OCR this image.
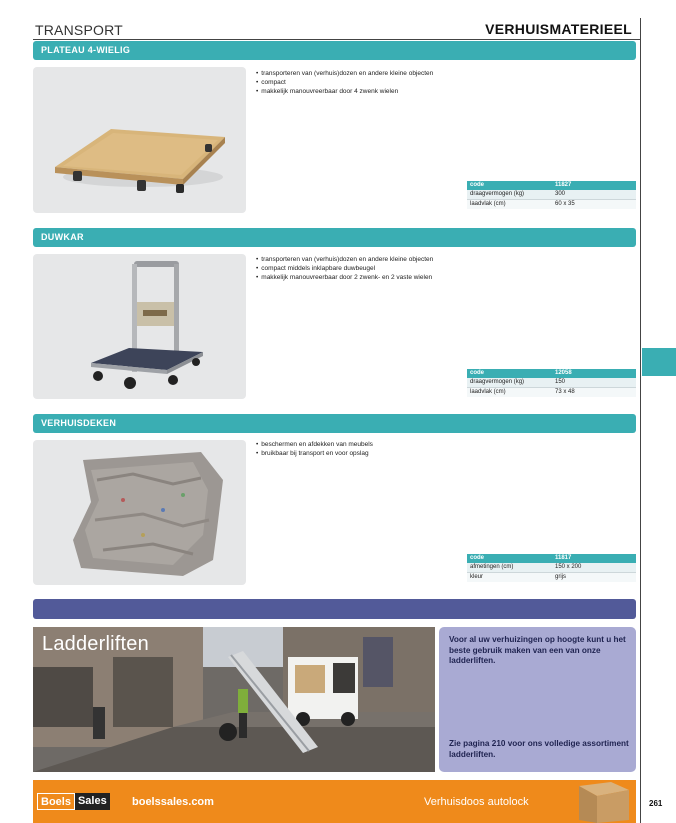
TRANSPORT	VERHUISMATERIEEL
261
PLATEAU 4-WIELIG
• transporteren van (verhuis)dozen en andere kleine objecten
• compact
• makkelijk manouvreerbaar door 4 zwenk wielen
code	11827
draagvermogen (kg)	300
laadvlak (cm)	60 x 35
DUWKAR
• transporteren van (verhuis)dozen en andere kleine objecten
• compact middels inklapbare duwbeugel
• makkelijk manouvreerbaar door 2 zwenk- en 2 vaste wielen
code	12058
draagvermogen (kg)	150
laadvlak (cm)	73 x 48
VERHUISDEKEN
• beschermen en afdekken van meubels
• bruikbaar bij transport en voor opslag
code	11817
afmetingen (cm)	150 x 200
kleur	grijs
Ladderliften	Voor al uw verhuizingen op hoogte kunt u het beste gebruik maken van een van onze ladderliften.

Zie pagina 210 voor ons volledige assortiment ladderliften.

Boels Sales boelssales.com	Verhuisdoos autolock
